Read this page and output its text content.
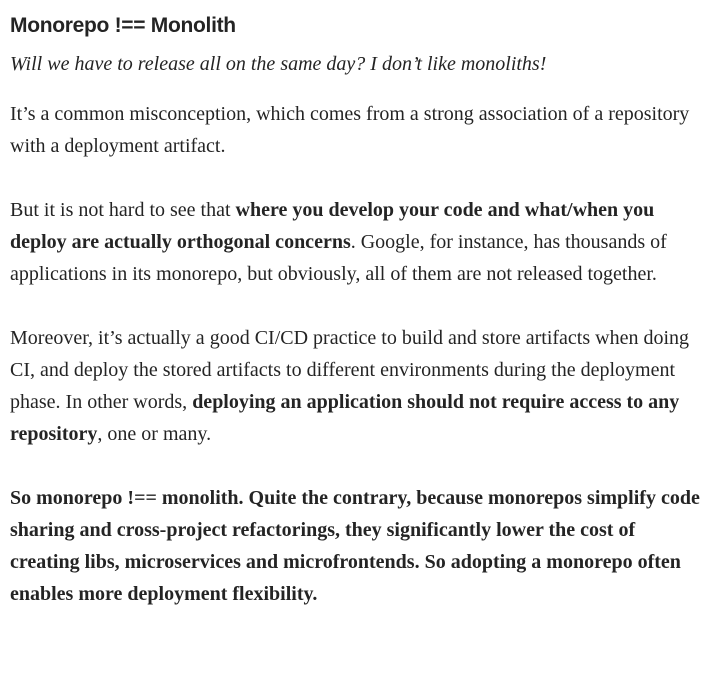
Monorepo !== Monolith

Will we have to release all on the same day? I don’t like monoliths!

It’s a common misconception, which comes from a strong association of a repository with a deployment artifact.

But it is not hard to see that where you develop your code and what/when you deploy are actually orthogonal concerns. Google, for instance, has thousands of applications in its monorepo, but obviously, all of them are not released together.

Moreover, it’s actually a good CI/CD practice to build and store artifacts when doing CI, and deploy the stored artifacts to different environments during the deployment phase. In other words, deploying an application should not require access to any repository, one or many.

So monorepo !== monolith. Quite the contrary, because monorepos simplify code sharing and cross-project refactorings, they significantly lower the cost of creating libs, microservices and microfrontends. So adopting a monorepo often enables more deployment flexibility.
